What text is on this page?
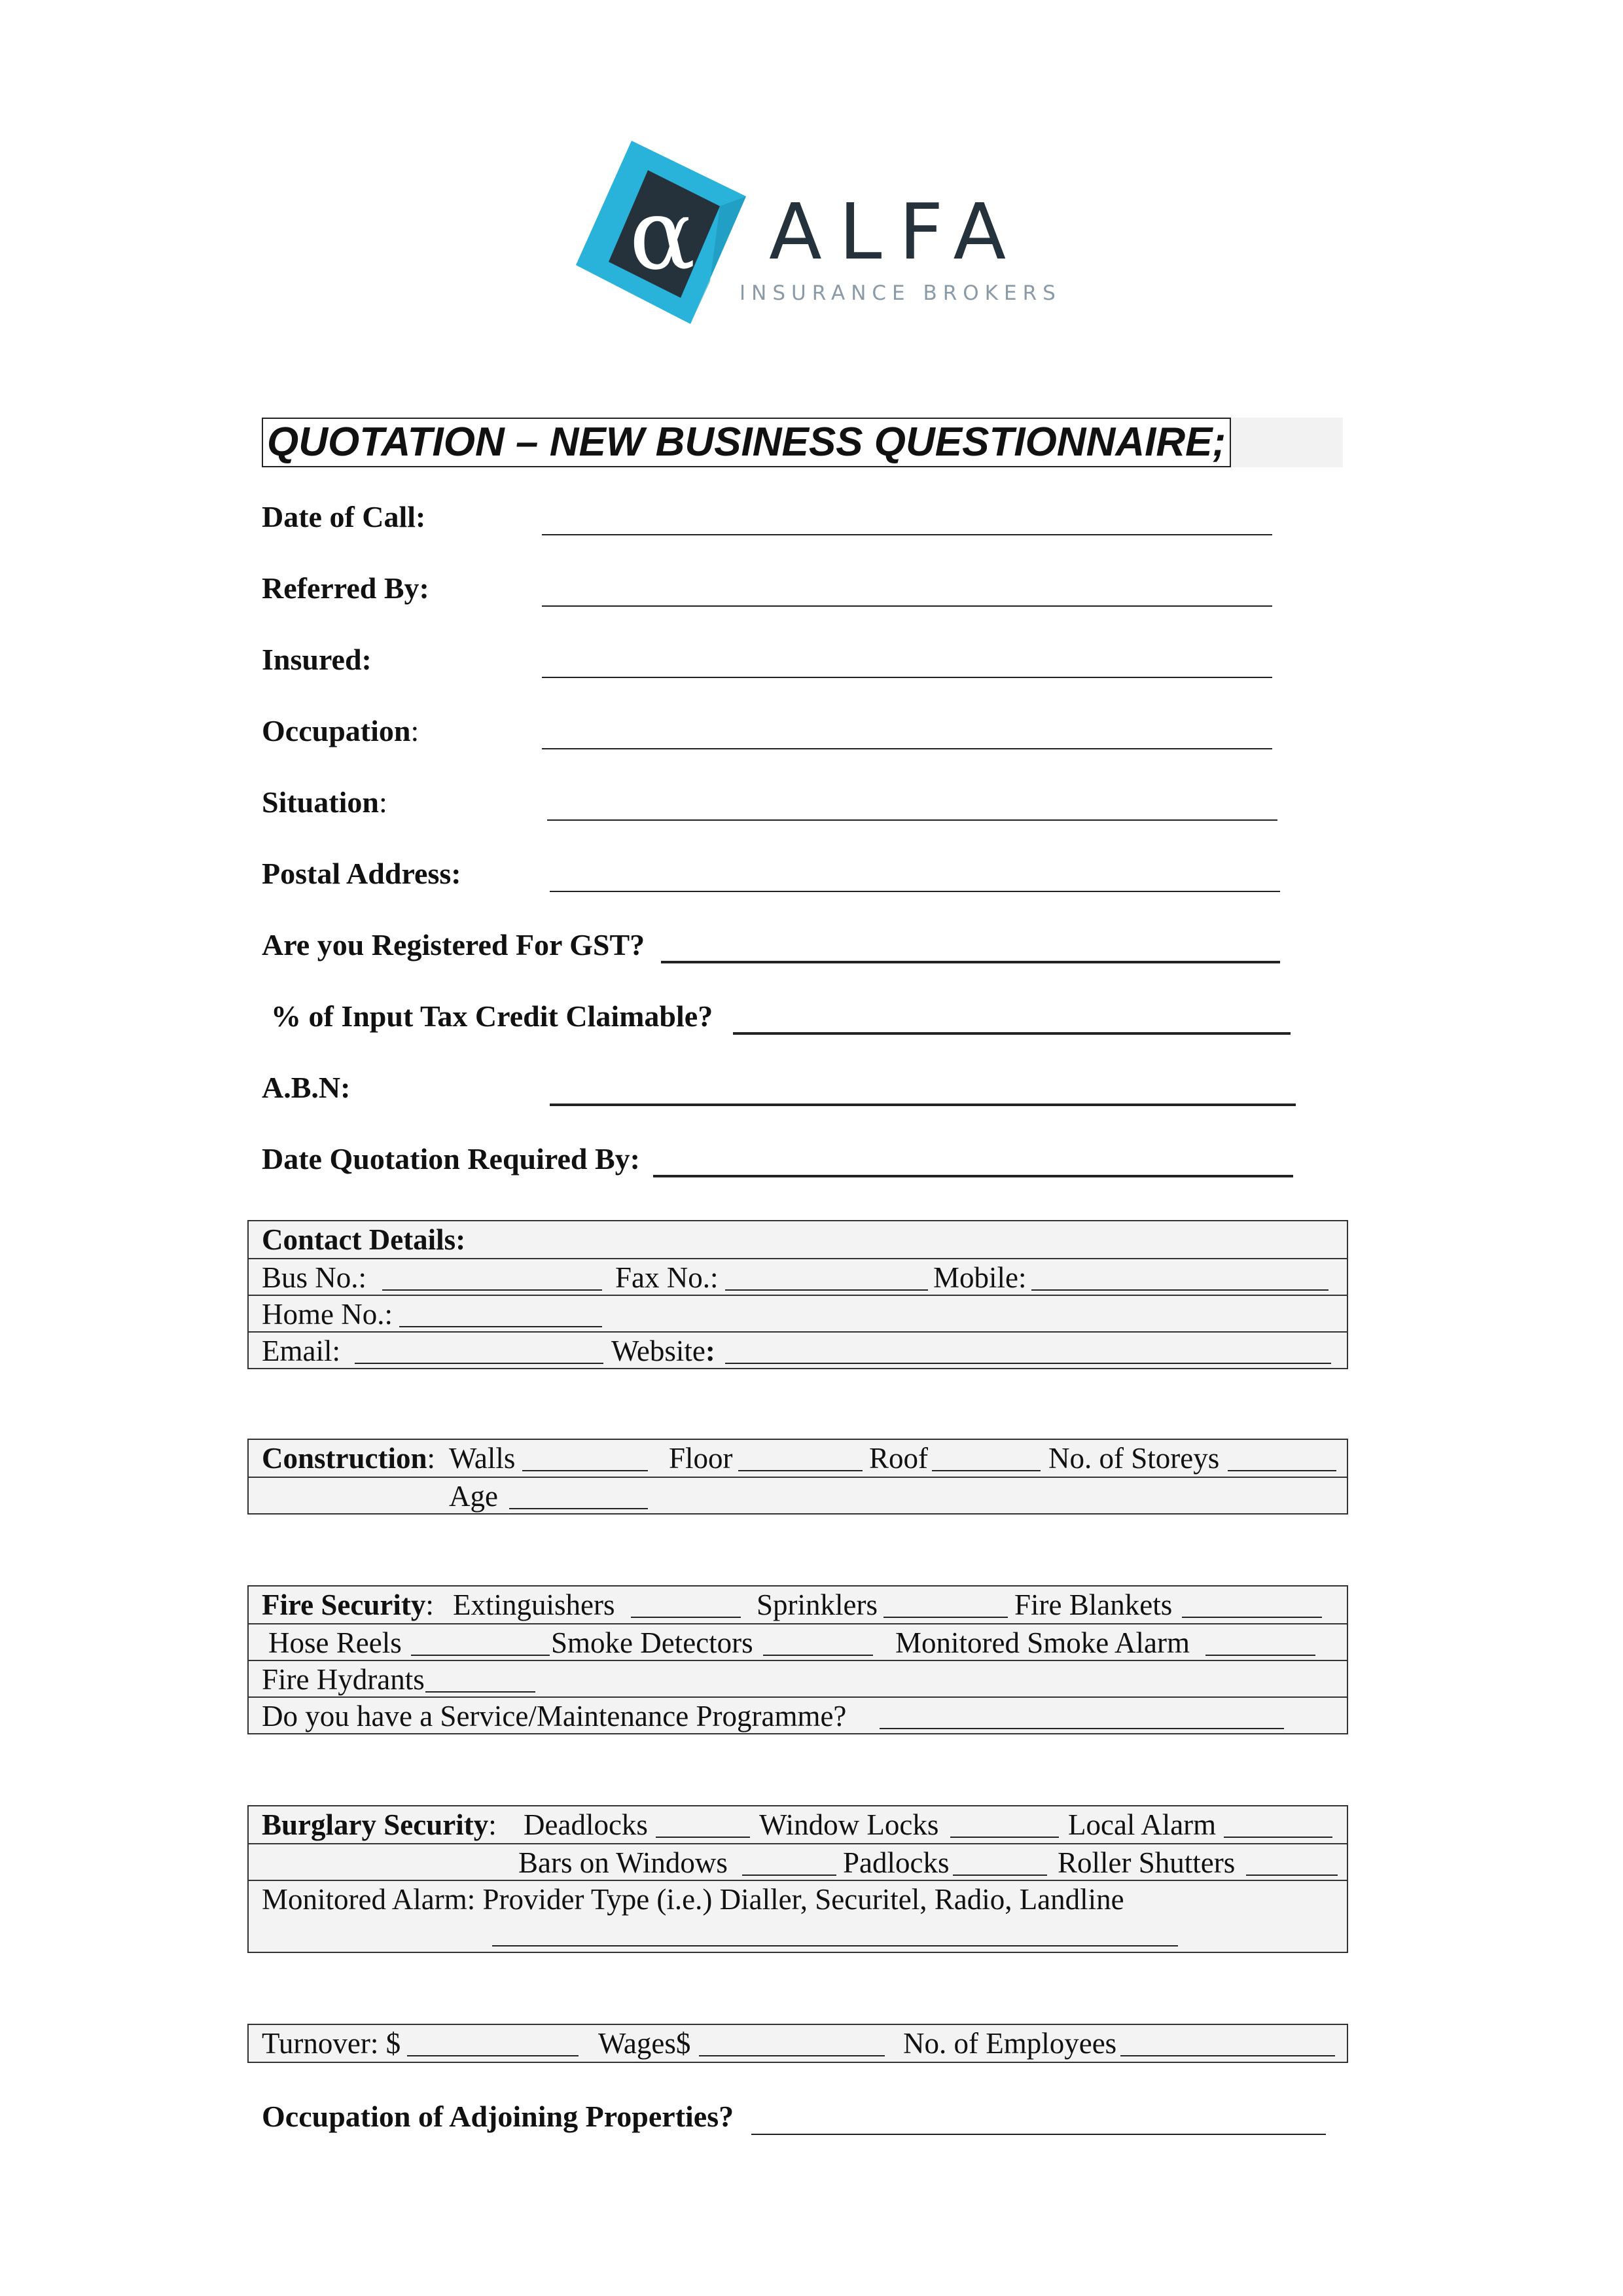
α ALFA
INSURANCE BROKERS
QUOTATION – NEW BUSINESS QUESTIONNAIRE;
Date of Call:
Referred By:
Insured:
Occupation:
Situation:
Postal Address:
Are you Registered For GST?
% of Input Tax Credit Claimable?
A.B.N:
Date Quotation Required By:
Contact Details:
Bus No.:	Fax No.:	Mobile:
Home No.:
Email:	Website:
Construction: Walls	Floor	Roof	No. of Storeys
Age
Fire Security: Extinguishers	Sprinklers	Fire Blankets
Hose Reels	Smoke Detectors	Monitored Smoke Alarm
Fire Hydrants
Do you have a Service/Maintenance Programme?
Burglary Security: Deadlocks	Window Locks	Local Alarm
Bars on Windows	Padlocks	Roller Shutters
Monitored Alarm: Provider Type (i.e.) Dialler, Securitel, Radio, Landline
Turnover: $	Wages$	No. of Employees
Occupation of Adjoining Properties?
